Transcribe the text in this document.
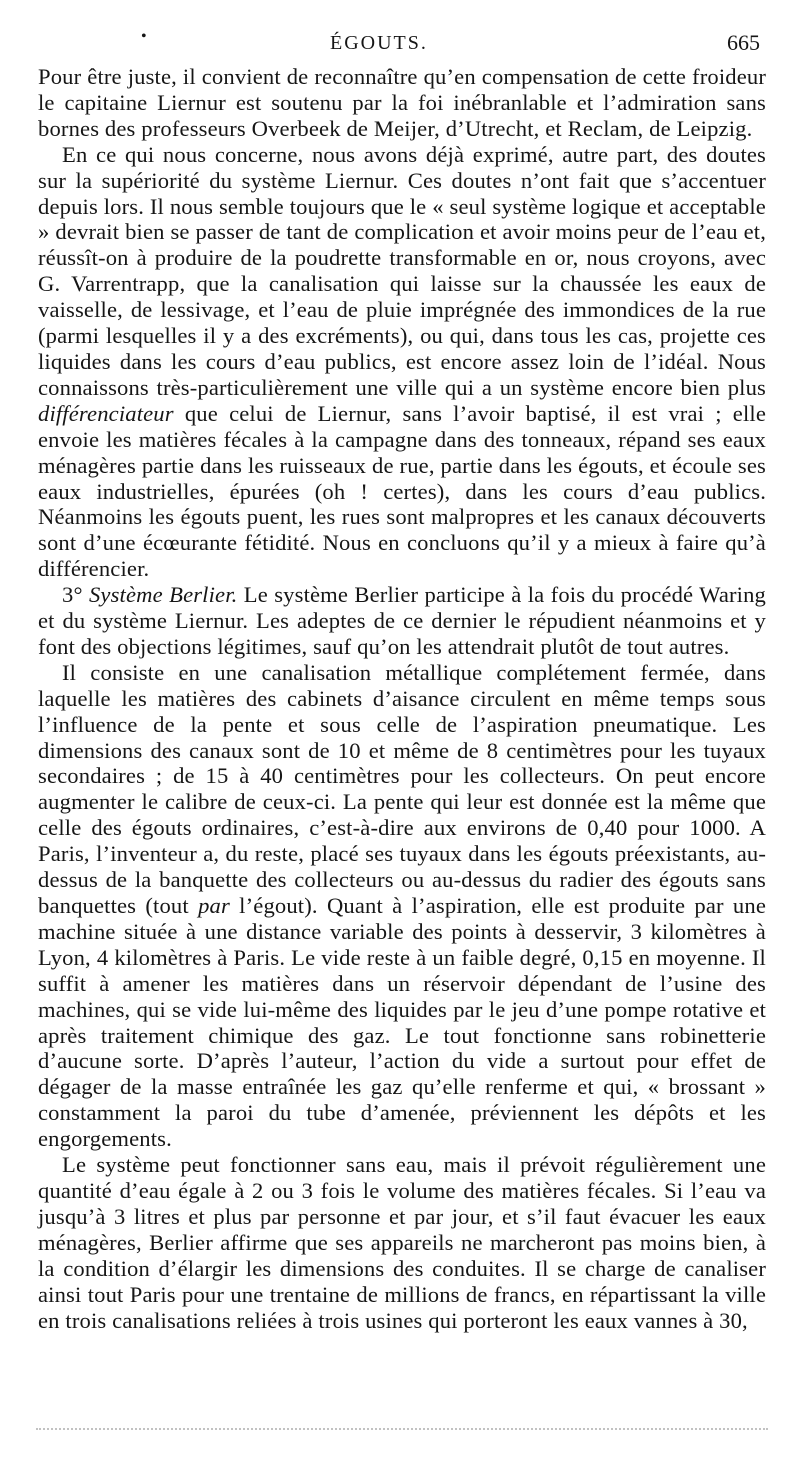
•	ÉGOUTS.	665

Pour être juste, il convient de reconnaître qu’en compensation de cette froideur le capitaine Liernur est soutenu par la foi inébranlable et l’admiration sans bornes des professeurs Overbeek de Meijer, d’Utrecht, et Reclam, de Leipzig.

En ce qui nous concerne, nous avons déjà exprimé, autre part, des doutes sur la supériorité du système Liernur. Ces doutes n’ont fait que s’accentuer depuis lors. Il nous semble toujours que le « seul système logique et acceptable » devrait bien se passer de tant de complication et avoir moins peur de l’eau et, réussît-on à produire de la poudrette transformable en or, nous croyons, avec G. Varrentrapp, que la canalisation qui laisse sur la chaussée les eaux de vaisselle, de lessivage, et l’eau de pluie imprégnée des immondices de la rue (parmi lesquelles il y a des excréments), ou qui, dans tous les cas, projette ces liquides dans les cours d’eau publics, est encore assez loin de l’idéal. Nous connaissons très-particulièrement une ville qui a un système encore bien plus différenciateur que celui de Liernur, sans l’avoir baptisé, il est vrai ; elle envoie les matières fécales à la campagne dans des tonneaux, répand ses eaux ménagères partie dans les ruisseaux de rue, partie dans les égouts, et écoule ses eaux industrielles, épurées (oh ! certes), dans les cours d’eau publics. Néanmoins les égouts puent, les rues sont malpropres et les canaux découverts sont d’une écœurante fétidité. Nous en concluons qu’il y a mieux à faire qu’à différencier.

3° Système Berlier. Le système Berlier participe à la fois du procédé Waring et du système Liernur. Les adeptes de ce dernier le répudient néanmoins et y font des objections légitimes, sauf qu’on les attendrait plutôt de tout autres.

Il consiste en une canalisation métallique complétement fermée, dans laquelle les matières des cabinets d’aisance circulent en même temps sous l’influence de la pente et sous celle de l’aspiration pneumatique. Les dimensions des canaux sont de 10 et même de 8 centimètres pour les tuyaux secondaires ; de 15 à 40 centimètres pour les collecteurs. On peut encore augmenter le calibre de ceux-ci. La pente qui leur est donnée est la même que celle des égouts ordinaires, c’est-à-dire aux environs de 0,40 pour 1000. A Paris, l’inventeur a, du reste, placé ses tuyaux dans les égouts préexistants, au-dessus de la banquette des collecteurs ou au-dessus du radier des égouts sans banquettes (tout par l’égout). Quant à l’aspiration, elle est produite par une machine située à une distance variable des points à desservir, 3 kilomètres à Lyon, 4 kilomètres à Paris. Le vide reste à un faible degré, 0,15 en moyenne. Il suffit à amener les matières dans un réservoir dépendant de l’usine des machines, qui se vide lui-même des liquides par le jeu d’une pompe rotative et après traitement chimique des gaz. Le tout fonctionne sans robinetterie d’aucune sorte. D’après l’auteur, l’action du vide a surtout pour effet de dégager de la masse entraînée les gaz qu’elle renferme et qui, « brossant » constamment la paroi du tube d’amenée, préviennent les dépôts et les engorgements.

Le système peut fonctionner sans eau, mais il prévoit régulièrement une quantité d’eau égale à 2 ou 3 fois le volume des matières fécales. Si l’eau va jusqu’à 3 litres et plus par personne et par jour, et s’il faut évacuer les eaux ménagères, Berlier affirme que ses appareils ne marcheront pas moins bien, à la condition d’élargir les dimensions des conduites. Il se charge de canaliser ainsi tout Paris pour une trentaine de millions de francs, en répartissant la ville en trois canalisations reliées à trois usines qui porteront les eaux vannes à 30,
